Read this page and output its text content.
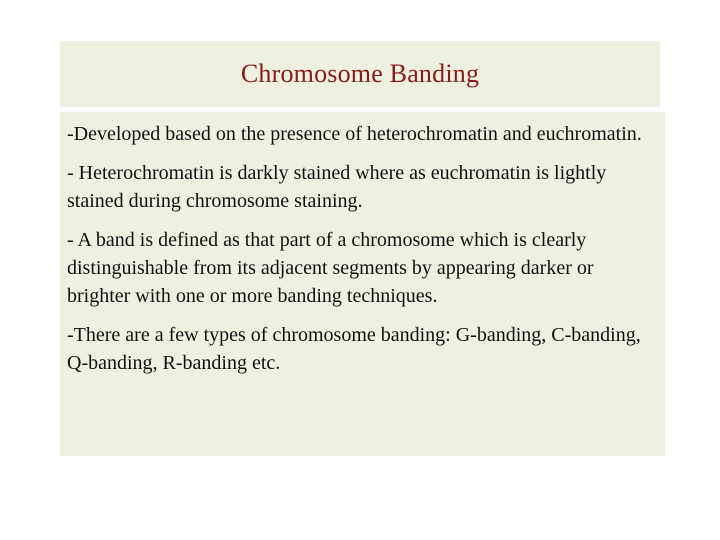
Chromosome Banding

-Developed based on the presence of heterochromatin and euchromatin.

- Heterochromatin is darkly stained where as euchromatin is lightly stained during chromosome staining.

- A band is defined as that part of a chromosome which is clearly distinguishable from its adjacent segments by appearing darker or brighter with one or more banding techniques.

-There are a few types of chromosome banding: G-banding, C-banding, Q-banding, R-banding etc.
